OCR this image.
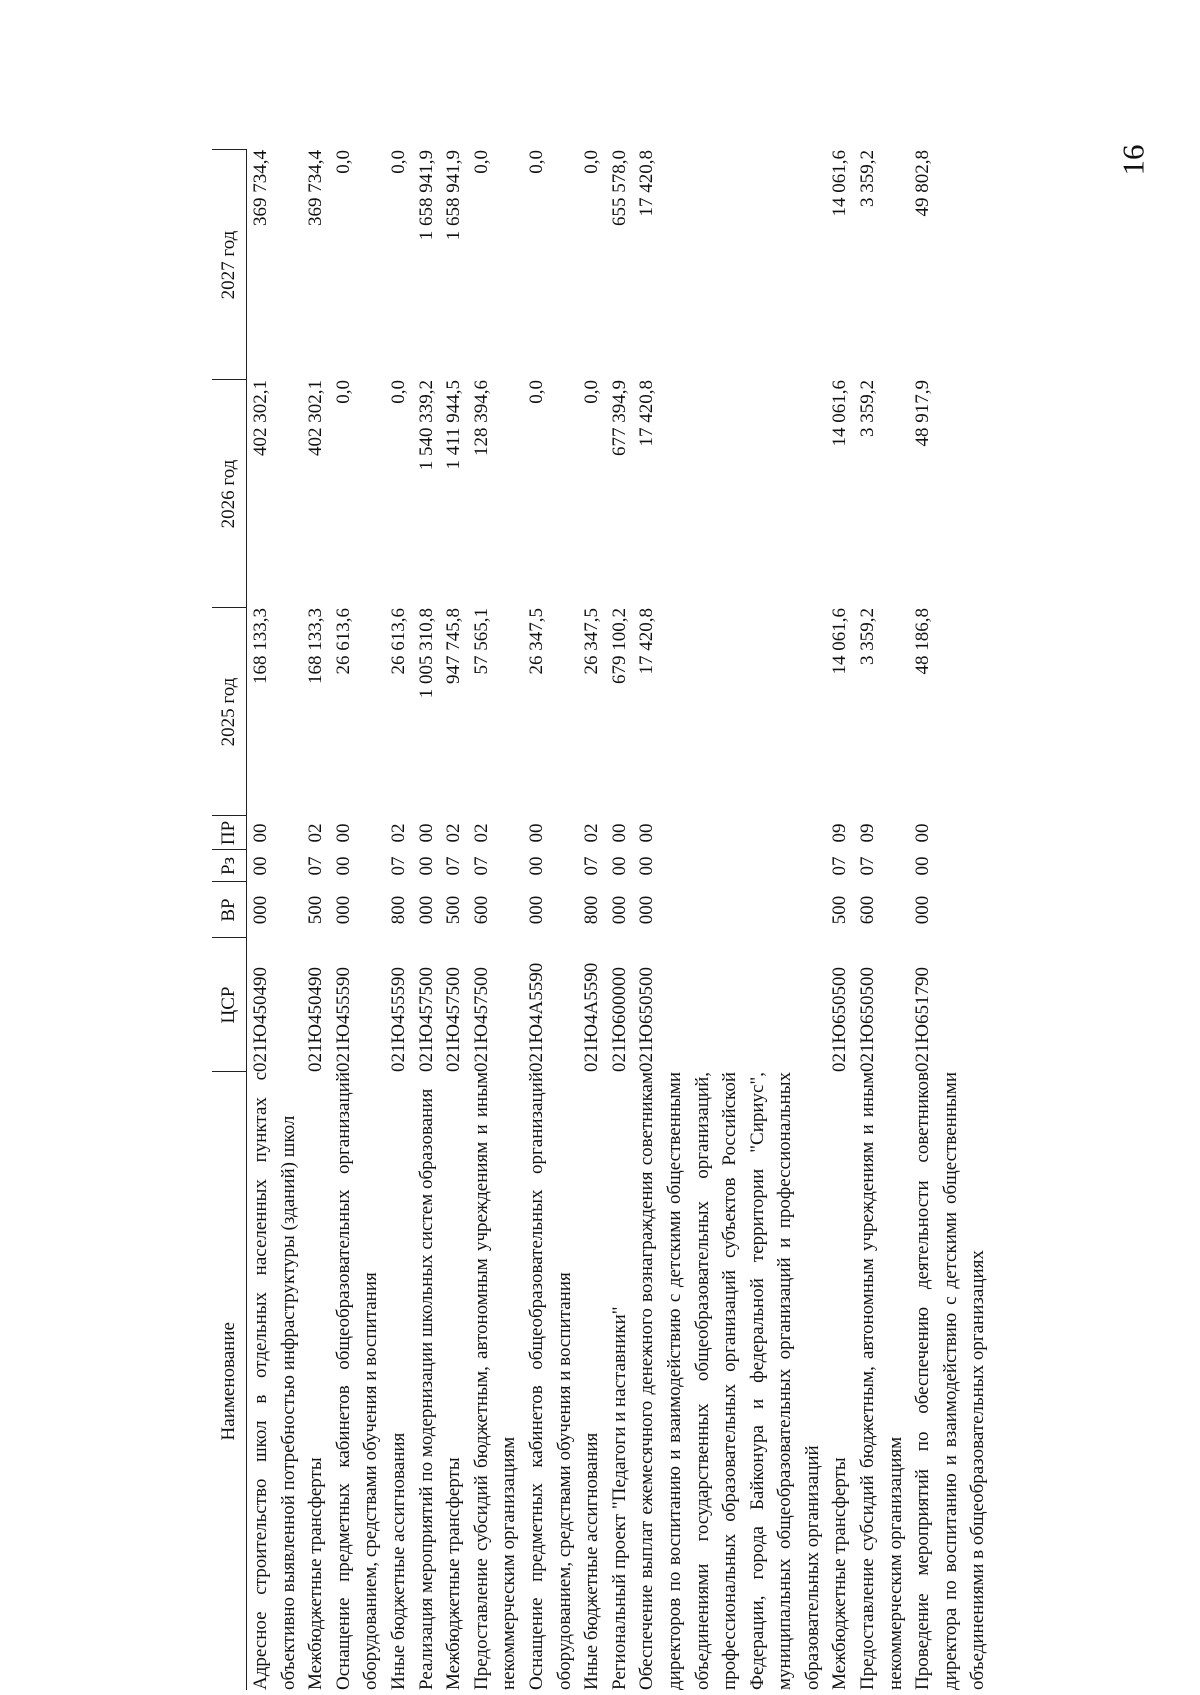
16
Наименование	ЦСР	ВР	Рз	ПР	2025 год	2026 год	2027 год
Адресное строительство школ в отдельных населенных пунктах с объективно выявленной потребностью инфраструктуры (зданий) школ	021Ю450490	000	00	00	168 133,3	402 302,1	369 734,4
Межбюджетные трансферты	021Ю450490	500	07	02	168 133,3	402 302,1	369 734,4
Оснащение предметных кабинетов общеобразовательных организаций оборудованием, средствами обучения и воспитания	021Ю455590	000	00	00	26 613,6	0,0	0,0
Иные бюджетные ассигнования	021Ю455590	800	07	02	26 613,6	0,0	0,0
Реализация мероприятий по модернизации школьных систем образования	021Ю457500	000	00	00	1 005 310,8	1 540 339,2	1 658 941,9
Межбюджетные трансферты	021Ю457500	500	07	02	947 745,8	1 411 944,5	1 658 941,9
Предоставление субсидий бюджетным, автономным учреждениям и иным некоммерческим организациям	021Ю457500	600	07	02	57 565,1	128 394,6	0,0
Оснащение предметных кабинетов общеобразовательных организаций оборудованием, средствами обучения и воспитания	021Ю4А5590	000	00	00	26 347,5	0,0	0,0
Иные бюджетные ассигнования	021Ю4А5590	800	07	02	26 347,5	0,0	0,0
Региональный проект "Педагоги и наставники"	021Ю600000	000	00	00	679 100,2	677 394,9	655 578,0
Обеспечение выплат ежемесячного денежного вознаграждения советникам директоров по воспитанию и взаимодействию с детскими общественными объединениями государственных общеобразовательных организаций, профессиональных образовательных организаций субъектов Российской Федерации, города Байконура и федеральной территории "Сириус", муниципальных общеобразовательных организаций и профессиональных образовательных организаций	021Ю650500	000	00	00	17 420,8	17 420,8	17 420,8
Межбюджетные трансферты	021Ю650500	500	07	09	14 061,6	14 061,6	14 061,6
Предоставление субсидий бюджетным, автономным учреждениям и иным некоммерческим организациям	021Ю650500	600	07	09	3 359,2	3 359,2	3 359,2
Проведение мероприятий по обеспечению деятельности советников директора по воспитанию и взаимодействию с детскими общественными объединениями в общеобразовательных организациях	021Ю651790	000	00	00	48 186,8	48 917,9	49 802,8
